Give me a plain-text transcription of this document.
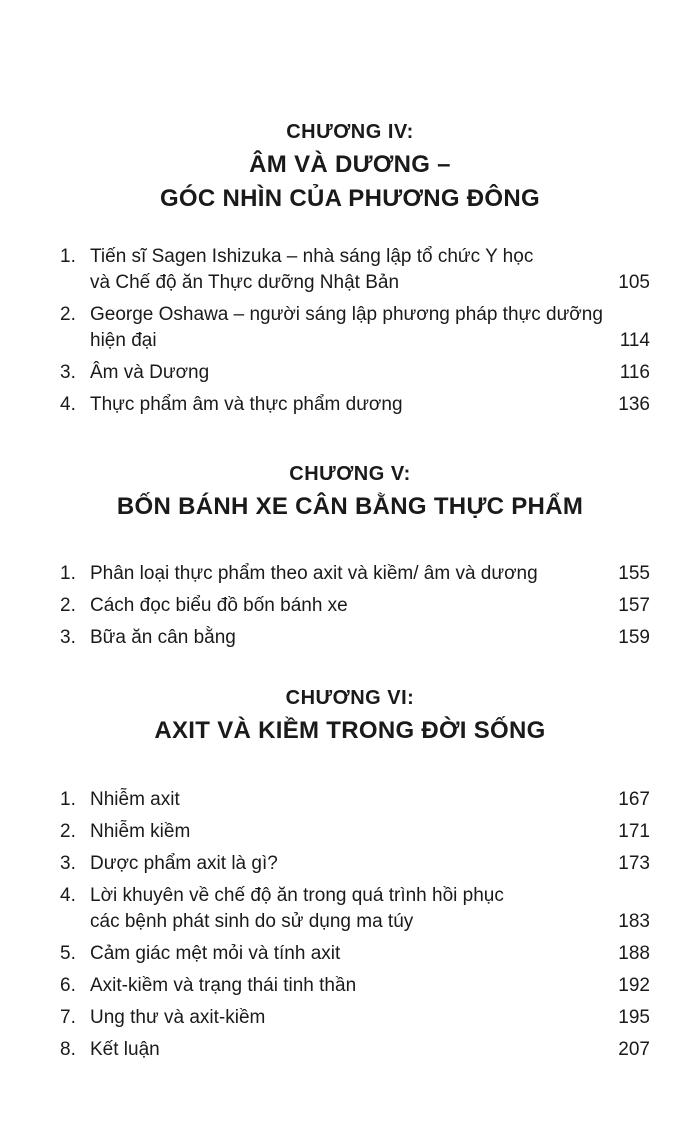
CHƯƠNG IV:
ÂM VÀ DƯƠNG –
GÓC NHÌN CỦA PHƯƠNG ĐÔNG
1. Tiến sĩ Sagen Ishizuka – nhà sáng lập tổ chức Y học
và Chế độ ăn Thực dưỡng Nhật Bản	105
2. George Oshawa – người sáng lập phương pháp thực dưỡng
hiện đại	114
3. Âm và Dương	116
4. Thực phẩm âm và thực phẩm dương	136
CHƯƠNG V:
BỐN BÁNH XE CÂN BẰNG THỰC PHẨM
1. Phân loại thực phẩm theo axit và kiềm/ âm và dương	155
2. Cách đọc biểu đồ bốn bánh xe	157
3. Bữa ăn cân bằng	159
CHƯƠNG VI:
AXIT VÀ KIỀM TRONG ĐỜI SỐNG
1. Nhiễm axit	167
2. Nhiễm kiềm	171
3. Dược phẩm axit là gì?	173
4. Lời khuyên về chế độ ăn trong quá trình hồi phục
các bệnh phát sinh do sử dụng ma túy	183
5. Cảm giác mệt mỏi và tính axit	188
6. Axit-kiềm và trạng thái tinh thần	192
7. Ung thư và axit-kiềm	195
8. Kết luận	207
